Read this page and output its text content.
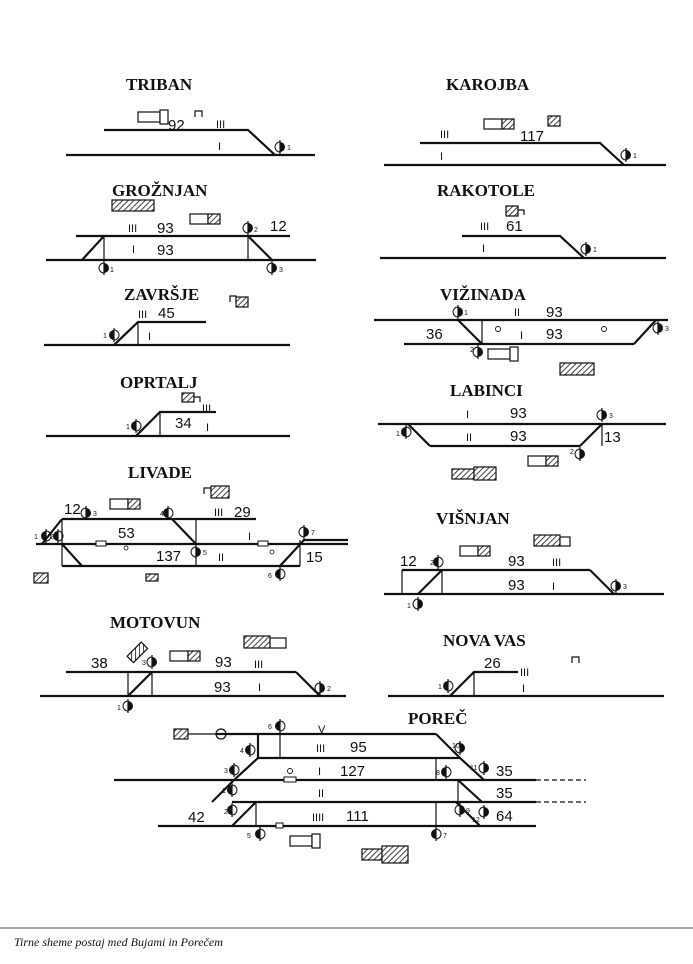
TRIBAN
92	III
I	1
GROŽNJAN
III 93	12
I 93
1
2
3
ZAVRŠJE
III 45
I
1
OPRTALJ
34
III
I
1
LIVADE
12
53
III 29
137	II
I
15
1 2
3	4
5
6
7
MOTOVUN
38	93 III
93 I
1
2
3
KAROJBA
117
III
I	1
RAKOTOLE
III 61
I	1
VIŽINADA
II 93
36	I 93
1
2
3
LABINCI
I	93
II	93	13
1
2
3
VIŠNJAN
12	93 III
93 I
1
2
3
NOVA VAS
26
III
I
1
POREČ
V
III 95
I 127
II
IIII 111
42
35
35
64
1
2
3
4
5
6
7
8
9
10
11
12
Tirne sheme postaj med Bujami in Porečem
